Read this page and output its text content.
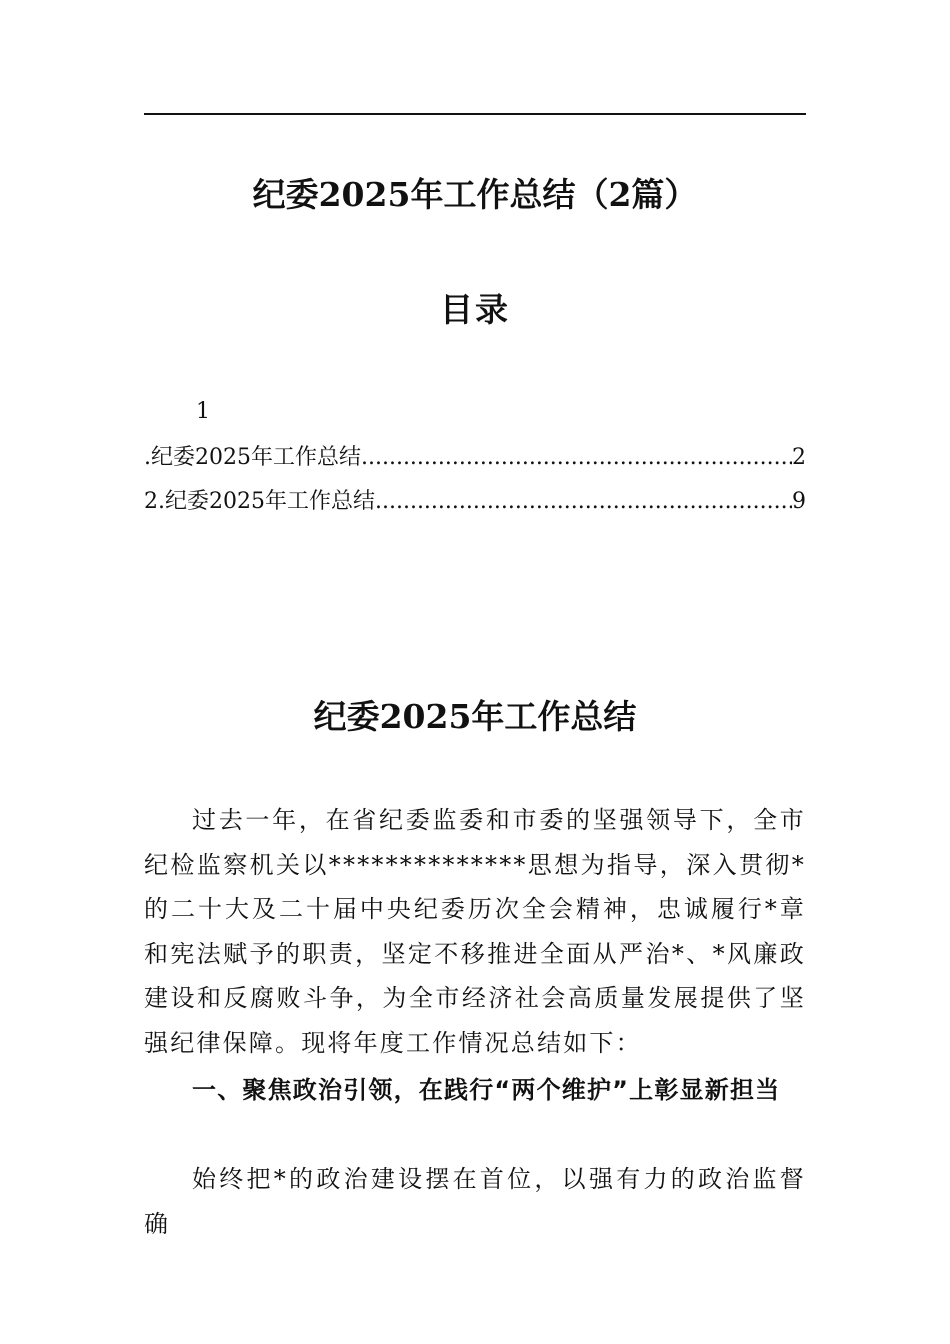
纪委2025年工作总结（2篇）
目录
1
.纪委2025年工作总结 .....	2
2.纪委2025年工作总结 .....	9
纪委2025年工作总结
过去一年，在省纪委监委和市委的坚强领导下，全市纪检监察机关以**************思想为指导，深入贯彻*的二十大及二十届中央纪委历次全会精神，忠诚履行*章和宪法赋予的职责，坚定不移推进全面从严治*、*风廉政建设和反腐败斗争，为全市经济社会高质量发展提供了坚强纪律保障。现将年度工作情况总结如下：
一、聚焦政治引领，在践行“两个维护”上彰显新担当
始终把*的政治建设摆在首位，以强有力的政治监督确
